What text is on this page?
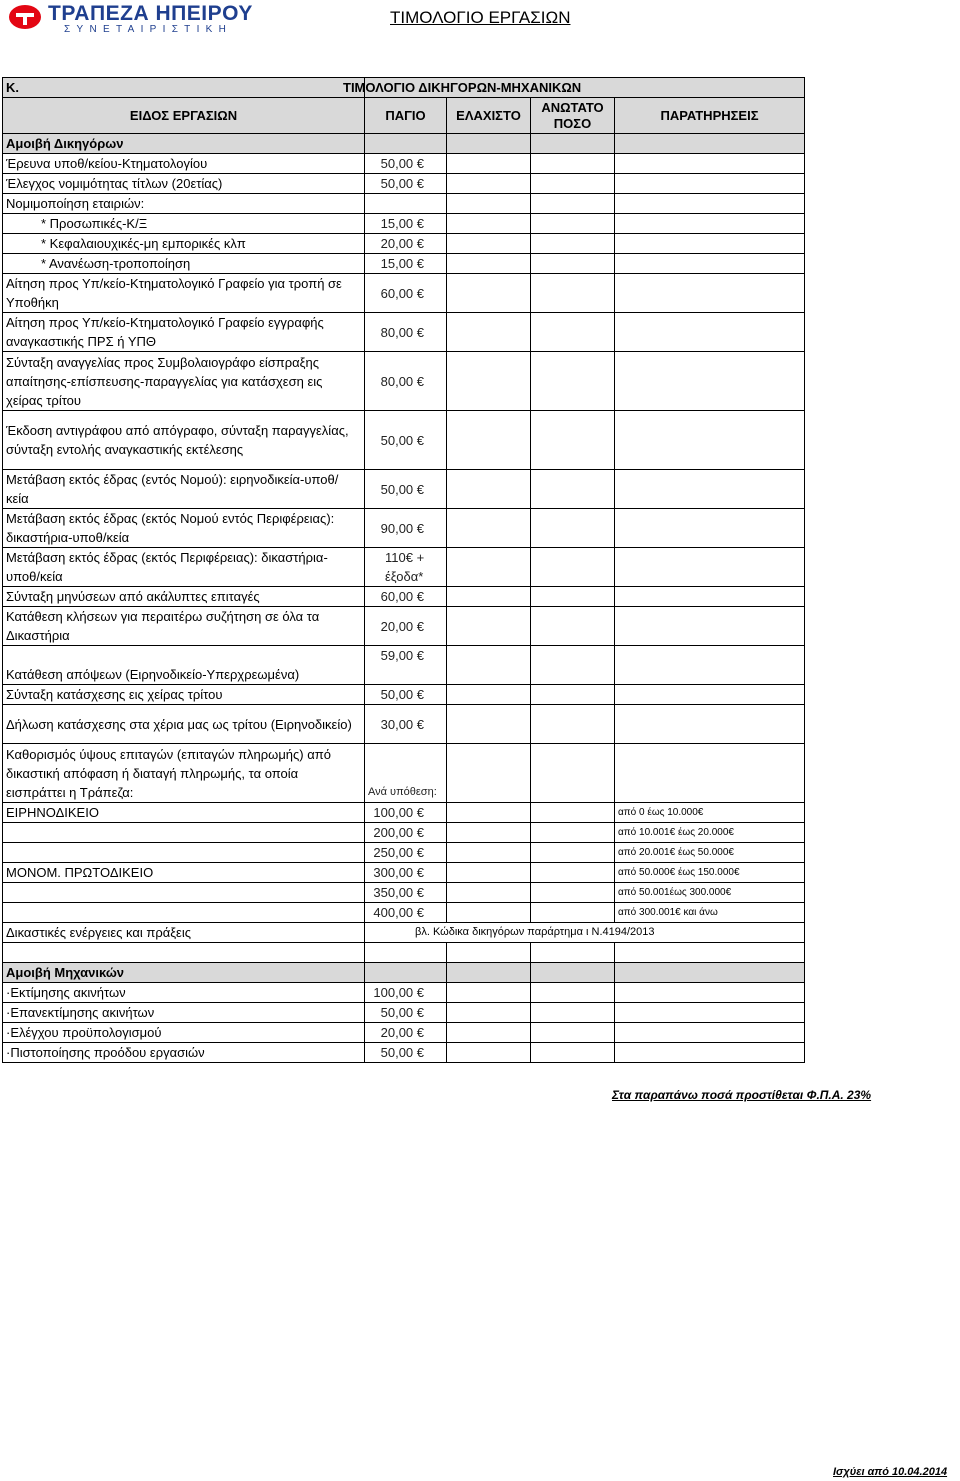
ΤΡΑΠΕΖΑ ΗΠΕΙΡΟΥ
ΣΥΝΕΤΑΙΡΙΣΤΙΚΗ
ΤΙΜΟΛΟΓΙΟ ΕΡΓΑΣΙΩΝ
K.	ΤΙΜΟΛΟΓΙΟ ΔΙΚΗΓΟΡΩΝ-ΜΗΧΑΝΙΚΩΝ			

ΕΙΔΟΣ ΕΡΓΑΣΙΩΝ	ΠΑΓΙΟ	ΕΛΑΧΙΣΤΟ	ΑΝΩΤΑΤΟ ΠΟΣΟ	ΠΑΡΑΤΗΡΗΣΕΙΣ
Αμοιβή Δικηγόρων				
Έρευνα υποθ/κείου-Κτηματολογίου	50,00 €			
Έλεγχος νομιμότητας τίτλων (20ετίας)	50,00 €			
Νομιμοποίηση εταιριών:				
* Προσωπικές-Κ/Ξ	15,00 €			
* Κεφαλαιουχικές-μη εμπορικές κλπ	20,00 €			
* Ανανέωση-τροποποίηση	15,00 €			
Αίτηση προς Υπ/κείο-Κτηματολογικό Γραφείο για τροπή σε Υποθήκη	60,00 €			
Αίτηση προς Υπ/κείο-Κτηματολογικό Γραφείο εγγραφής αναγκαστικής ΠΡΣ ή ΥΠΘ	80,00 €			
Σύνταξη αναγγελίας προς Συμβολαιογράφο είσπραξης απαίτησης-επίσπευσης-παραγγελίας για κατάσχεση εις χείρας τρίτου	80,00 €			
Έκδοση αντιγράφου από απόγραφο, σύνταξη παραγγελίας, σύνταξη εντολής αναγκαστικής εκτέλεσης	50,00 €			
Μετάβαση εκτός έδρας (εντός Νομού): ειρηνοδικεία-υποθ/κεία	50,00 €			
Μετάβαση εκτός έδρας (εκτός Νομού εντός Περιφέρειας): δικαστήρια-υποθ/κεία	90,00 €			
Μετάβαση εκτός έδρας (εκτός Περιφέρειας): δικαστήρια-υποθ/κεία	110€ + έξοδα*			
Σύνταξη μηνύσεων από ακάλυπτες επιταγές	60,00 €			
Κατάθεση κλήσεων για περαιτέρω συζήτηση σε όλα τα Δικαστήρια	20,00 €			
Κατάθεση απόψεων (Ειρηνοδικείο-Υπερχρεωμένα)	59,00 €			
Σύνταξη κατάσχεσης εις χείρας τρίτου	50,00 €			
Δήλωση κατάσχεσης στα χέρια μας ως τρίτου (Ειρηνοδικείο)	30,00 €			
Καθορισμός ύψους επιταγών (επιταγών πληρωμής) από δικαστική απόφαση ή διαταγή πληρωμής, τα οποία εισπράττει η Τράπεζα:	Ανά υπόθεση:			
ΕΙΡΗΝΟΔΙΚΕΙΟ	100,00 €			από 0 έως 10.000€
	200,00 €			από 10.001€ έως 20.000€
	250,00 €			από 20.001€ έως 50.000€
ΜΟΝΟΜ. ΠΡΩΤΟΔΙΚΕΙΟ	300,00 €			από 50.000€ έως 150.000€
	350,00 €			από 50.001έως 300.000€
	400,00 €			από 300.001€ και άνω
Δικαστικές ενέργειες και πράξεις	βλ. Κώδικα δικηγόρων παράρτημα ι Ν.4194/2013			

Αμοιβή Μηχανικών				
·Εκτίμησης ακινήτων	100,00 €			
·Επανεκτίμησης ακινήτων	50,00 €			
·Ελέγχου προϋπολογισμού	20,00 €			
·Πιστοποίησης προόδου εργασιών	50,00 €			
Στα παραπάνω ποσά προστίθεται Φ.Π.Α. 23%
Ισχύει από 10.04.2014
